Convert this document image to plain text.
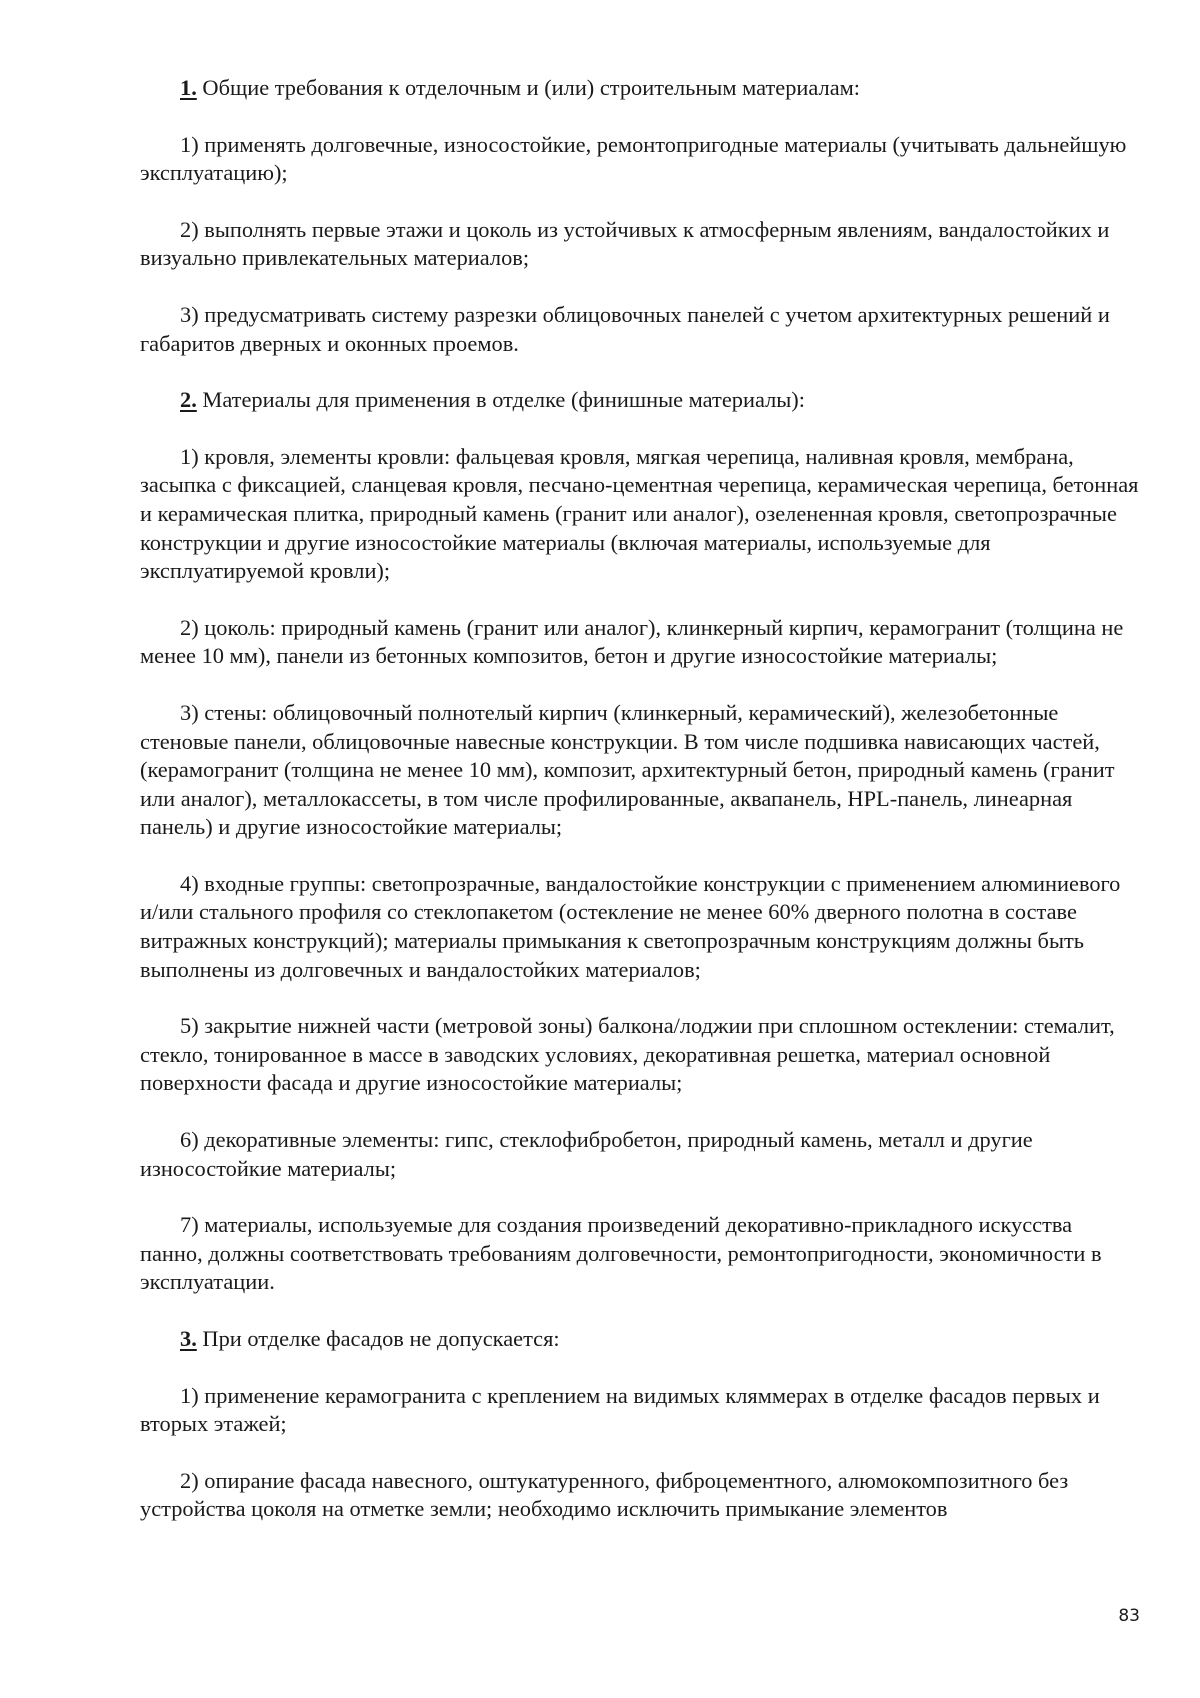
1. Общие требования к отделочным и (или) строительным материалам:

1) применять долговечные, износостойкие, ремонтопригодные материалы (учитывать дальнейшую эксплуатацию);

2) выполнять первые этажи и цоколь из устойчивых к атмосферным явлениям, вандалостойких и визуально привлекательных материалов;

3) предусматривать систему разрезки облицовочных панелей с учетом архитектурных решений и габаритов дверных и оконных проемов.

2. Материалы для применения в отделке (финишные материалы):

1) кровля, элементы кровли: фальцевая кровля, мягкая черепица, наливная кровля, мембрана, засыпка с фиксацией, сланцевая кровля, песчано-цементная черепица, керамическая черепица, бетонная и керамическая плитка, природный камень (гранит или аналог), озелененная кровля, светопрозрачные конструкции и другие износостойкие материалы (включая материалы, используемые для эксплуатируемой кровли);

2) цоколь: природный камень (гранит или аналог), клинкерный кирпич, керамогранит (толщина не менее 10 мм), панели из бетонных композитов, бетон и другие износостойкие материалы;

3) стены: облицовочный полнотелый кирпич (клинкерный, керамический), железобетонные стеновые панели, облицовочные навесные конструкции. В том числе подшивка нависающих частей, (керамогранит (толщина не менее 10 мм), композит, архитектурный бетон, природный камень (гранит или аналог), металлокассеты, в том числе профилированные, аквапанель, HPL-панель, линеарная панель) и другие износостойкие материалы;

4) входные группы: светопрозрачные, вандалостойкие конструкции с применением алюминиевого и/или стального профиля со стеклопакетом (остекление не менее 60% дверного полотна в составе витражных конструкций); материалы примыкания к светопрозрачным конструкциям должны быть выполнены из долговечных и вандалостойких материалов;

5) закрытие нижней части (метровой зоны) балкона/лоджии при сплошном остеклении: стемалит, стекло, тонированное в массе в заводских условиях, декоративная решетка, материал основной поверхности фасада и другие износостойкие материалы;

6) декоративные элементы: гипс, стеклофибробетон, природный камень, металл и другие износостойкие материалы;

7) материалы, используемые для создания произведений декоративно-прикладного искусства панно, должны соответствовать требованиям долговечности, ремонтопригодности, экономичности в эксплуатации.

3. При отделке фасадов не допускается:

1) применение керамогранита с креплением на видимых кляммерах в отделке фасадов первых и вторых этажей;

2) опирание фасада навесного, оштукатуренного, фиброцементного, алюмокомпозитного без устройства цоколя на отметке земли; необходимо исключить примыкание элементов

83
